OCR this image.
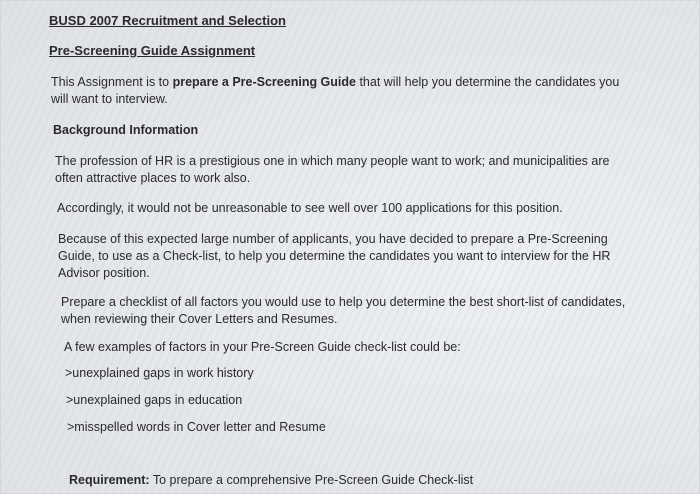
BUSD 2007 Recruitment and Selection
Pre-Screening Guide Assignment
This Assignment is to prepare a Pre-Screening Guide that will help you determine the candidates you
will want to interview.
Background Information
The profession of HR is a prestigious one in which many people want to work; and municipalities are
often attractive places to work also.
Accordingly, it would not be unreasonable to see well over 100 applications for this position.
Because of this expected large number of applicants, you have decided to prepare a Pre-Screening
Guide, to use as a Check-list, to help you determine the candidates you want to interview for the HR
Advisor position.
Prepare a checklist of all factors you would use to help you determine the best short-list of candidates,
when reviewing their Cover Letters and Resumes.
A few examples of factors in your Pre-Screen Guide check-list could be:
>unexplained gaps in work history
>unexplained gaps in education
>misspelled words in Cover letter and Resume
Requirement: To prepare a comprehensive Pre-Screen Guide Check-list
